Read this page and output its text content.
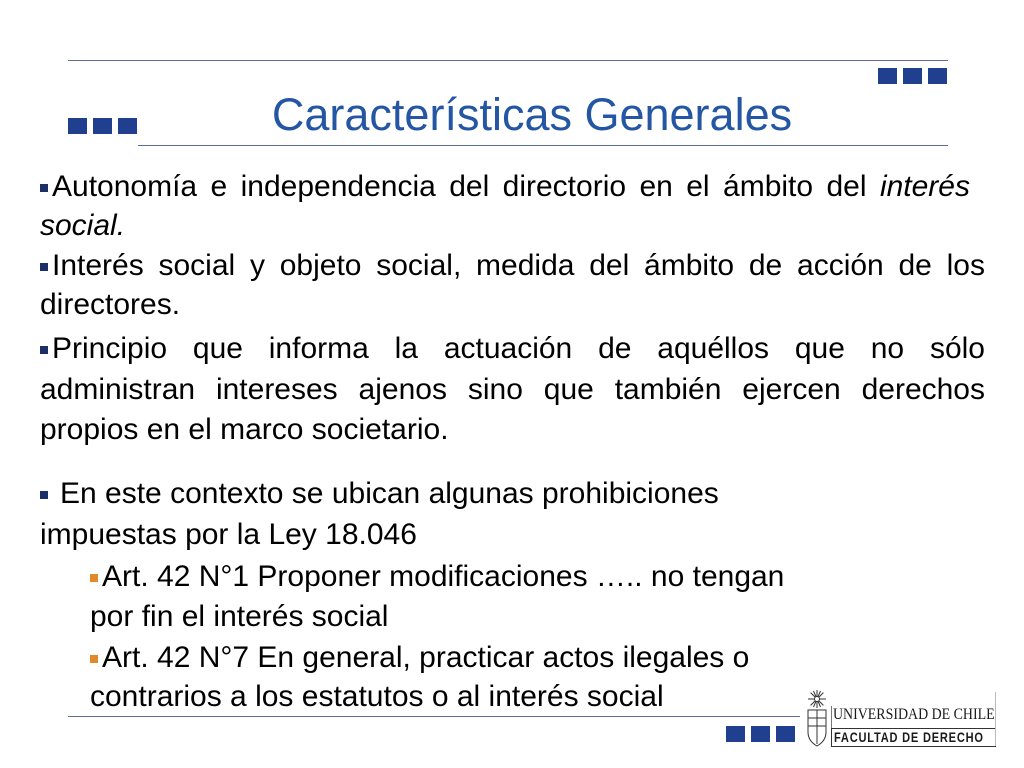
Características Generales
Autonomía e independencia del directorio en el ámbito del interés
social.
Interés social y objeto social, medida del ámbito de acción de los
directores.
Principio que informa la actuación de aquéllos que no sólo
administran intereses ajenos sino que también ejercen derechos
propios en el marco societario.
En este contexto se ubican algunas prohibiciones
impuestas por la Ley 18.046
Art. 42 N°1 Proponer modificaciones ….. no tengan
por fin el interés social
Art. 42 N°7 En general, practicar actos ilegales o
contrarios a los estatutos o al interés social
UNIVERSIDAD DE CHILE
FACULTAD DE DERECHO
